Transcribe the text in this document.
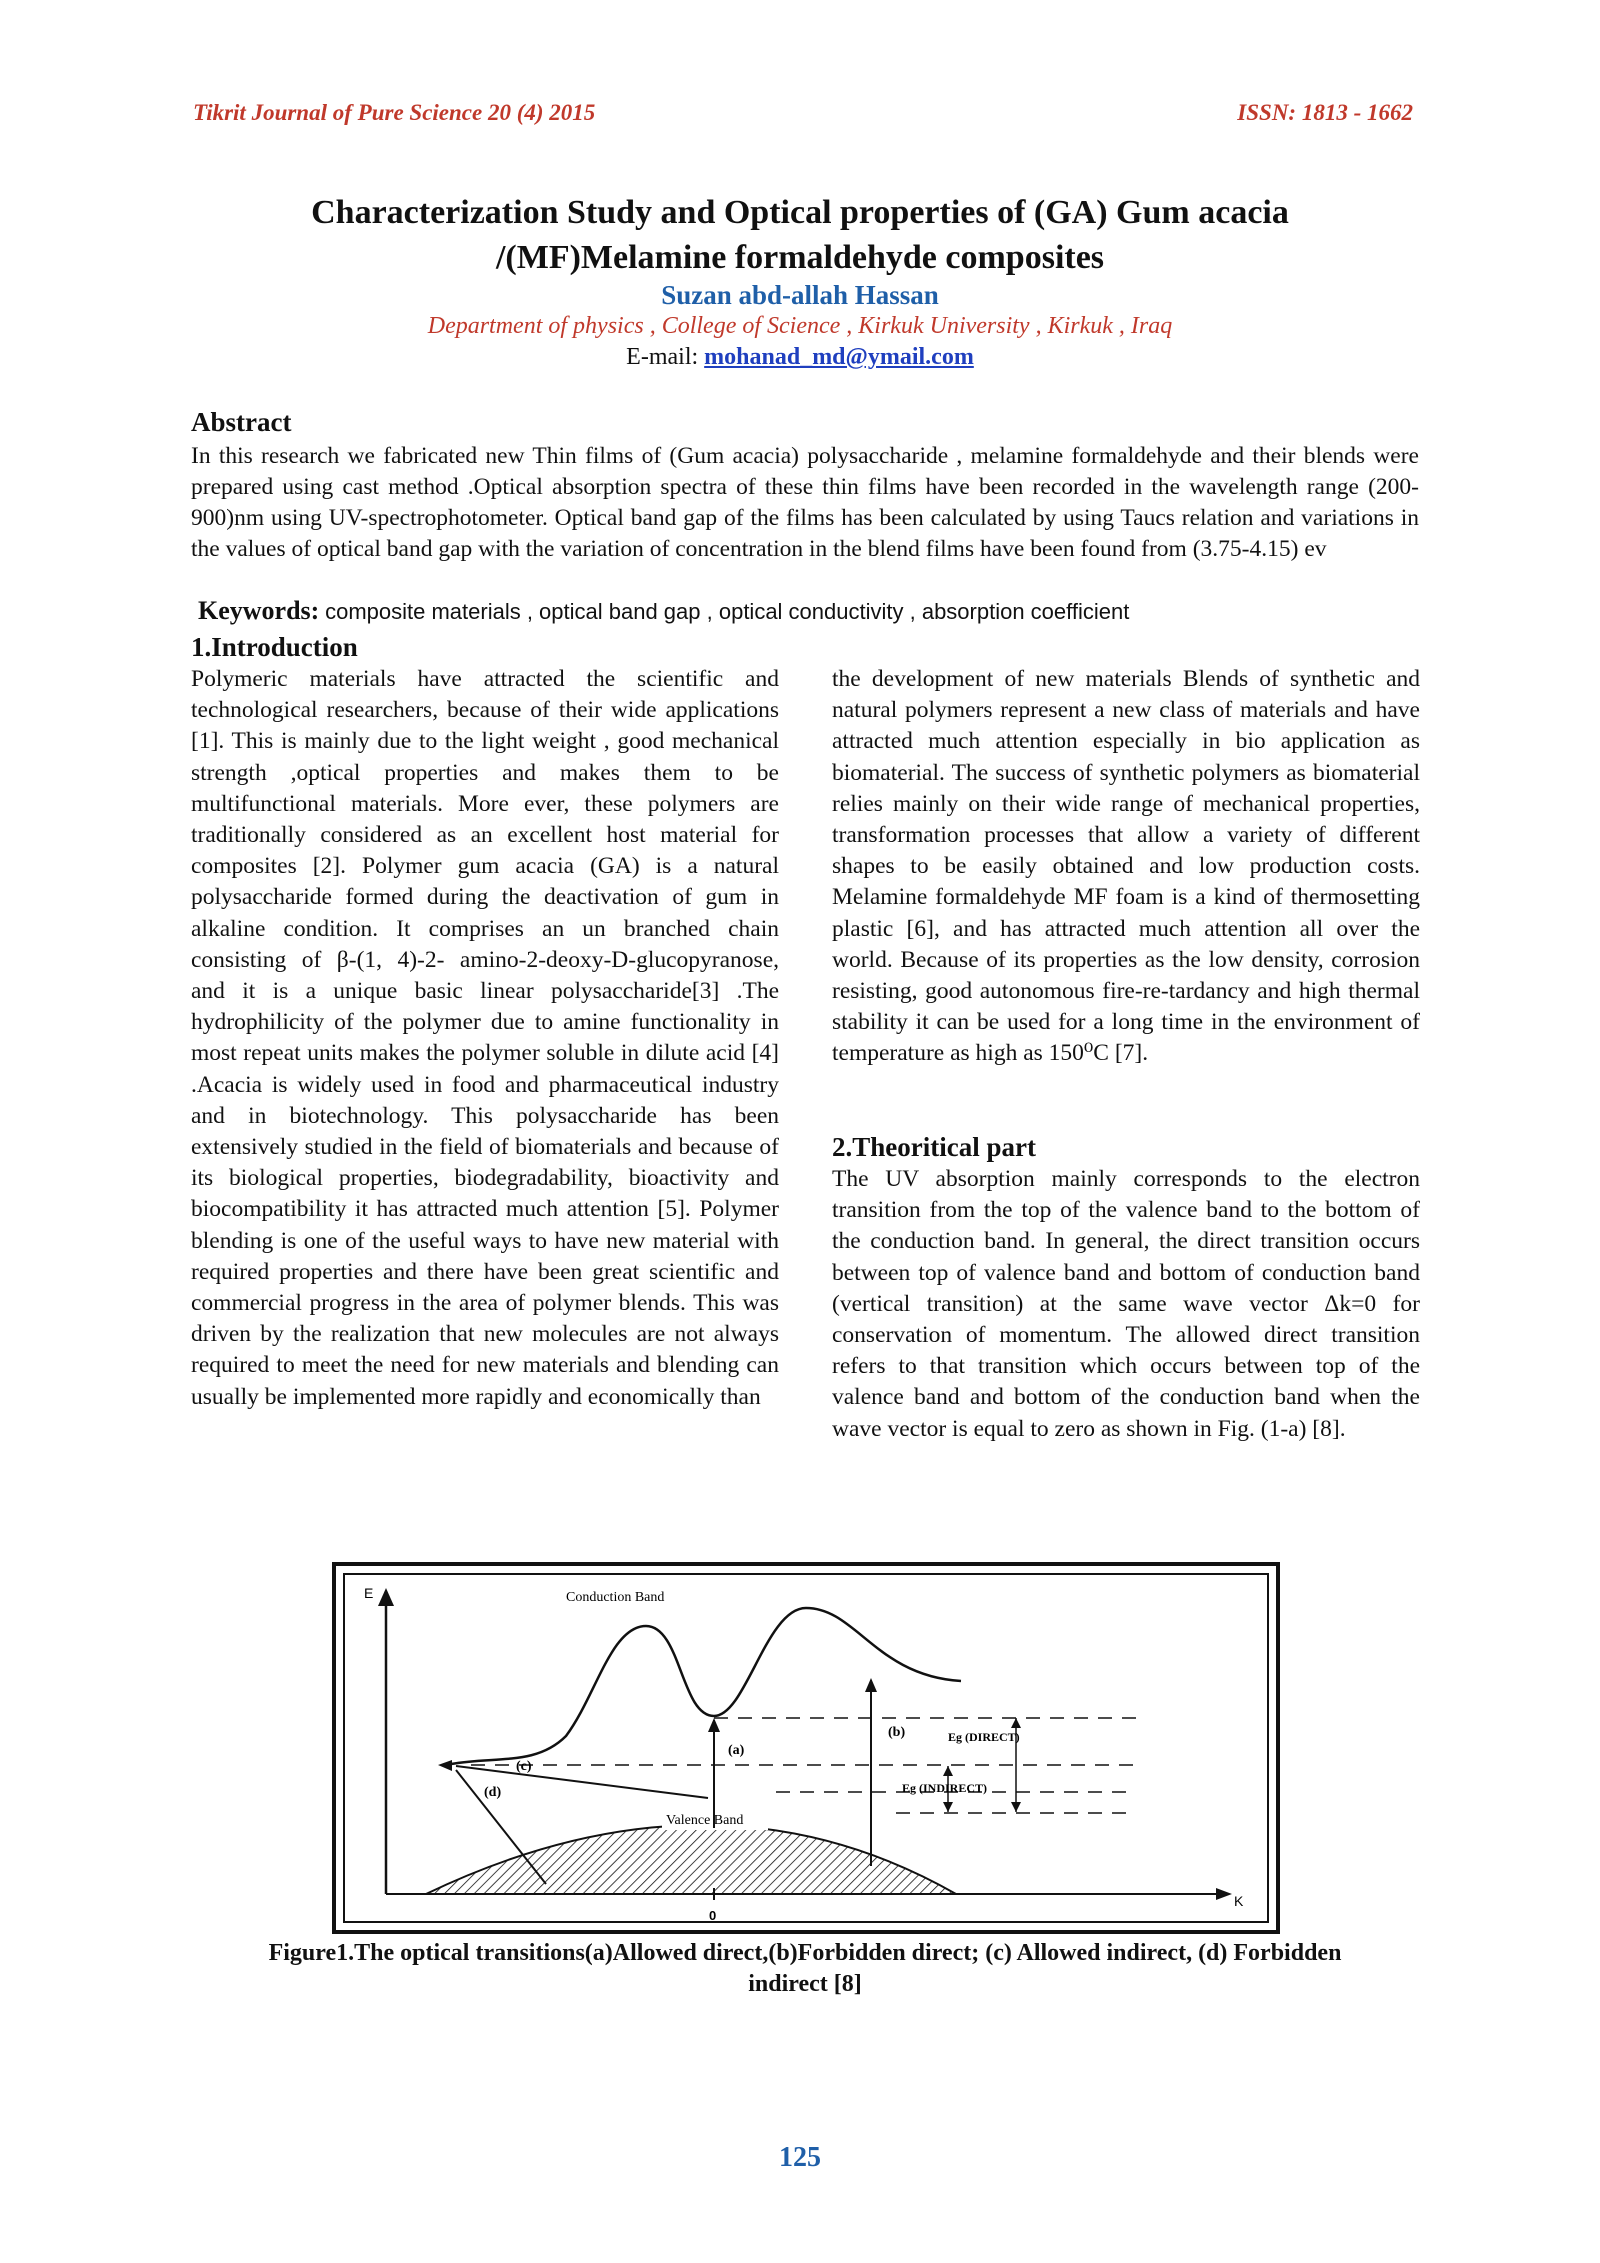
Tikrit Journal of Pure Science 20 (4) 2015	ISSN: 1813 - 1662
Characterization Study and Optical properties of (GA) Gum acacia
/(MF)Melamine formaldehyde composites
Suzan abd-allah Hassan
Department of physics , College of Science , Kirkuk University , Kirkuk , Iraq
E-mail: mohanad_md@ymail.com
Abstract
In this research we fabricated new Thin films of (Gum acacia) polysaccharide , melamine formaldehyde and their blends were prepared using cast method .Optical absorption spectra of these thin films have been recorded in the wavelength range (200-900)nm using UV-spectrophotometer. Optical band gap of the films has been calculated by using Taucs relation and variations in the values of optical band gap with the variation of concentration in the blend films have been found from (3.75-4.15) ev
Keywords: composite materials , optical band gap , optical conductivity , absorption coefficient
1.Introduction
Polymeric materials have attracted the scientific and technological researchers, because of their wide applications [1]. This is mainly due to the light weight , good mechanical strength ,optical properties and makes them to be multifunctional materials. More ever, these polymers are traditionally considered as an excellent host material for composites [2]. Polymer gum acacia (GA) is a natural polysaccharide formed during the deactivation of gum in alkaline condition. It comprises an un branched chain consisting of β-(1, 4)-2- amino-2-deoxy-D-glucopyranose, and it is a unique basic linear polysaccharide[3] .The hydrophilicity of the polymer due to amine functionality in most repeat units makes the polymer soluble in dilute acid [4] .Acacia is widely used in food and pharmaceutical industry and in biotechnology. This polysaccharide has been extensively studied in the field of biomaterials and because of its biological properties, biodegradability, bioactivity and biocompatibility it has attracted much attention [5]. Polymer blending is one of the useful ways to have new material with required properties and there have been great scientific and commercial progress in the area of polymer blends. This was driven by the realization that new molecules are not always required to meet the need for new materials and blending can usually be implemented more rapidly and economically than
the development of new materials Blends of synthetic and natural polymers represent a new class of materials and have attracted much attention especially in bio application as biomaterial. The success of synthetic polymers as biomaterial relies mainly on their wide range of mechanical properties, transformation processes that allow a variety of different shapes to be easily obtained and low production costs. Melamine formaldehyde MF foam is a kind of thermosetting plastic [6], and has attracted much attention all over the world. Because of its properties as the low density, corrosion resisting, good autonomous fire-re-tardancy and high thermal stability it can be used for a long time in the environment of temperature as high as 150⁰C [7].
2.Theoritical part
The UV absorption mainly corresponds to the electron transition from the top of the valence band to the bottom of the conduction band. In general, the direct transition occurs between top of valence band and bottom of conduction band (vertical transition) at the same wave vector Δk=0 for conservation of momentum. The allowed direct transition refers to that transition which occurs between top of the valence band and bottom of the conduction band when the wave vector is equal to zero as shown in Fig. (1-a) [8].
E
K
0
Valence Band
Conduction Band
(a)
(b)
(c)
(d)
Eg (DIRECT)
Eg (INDIRECT)
Figure1.The optical transitions(a)Allowed direct,(b)Forbidden direct; (c) Allowed indirect, (d) Forbidden
indirect [8]
125
